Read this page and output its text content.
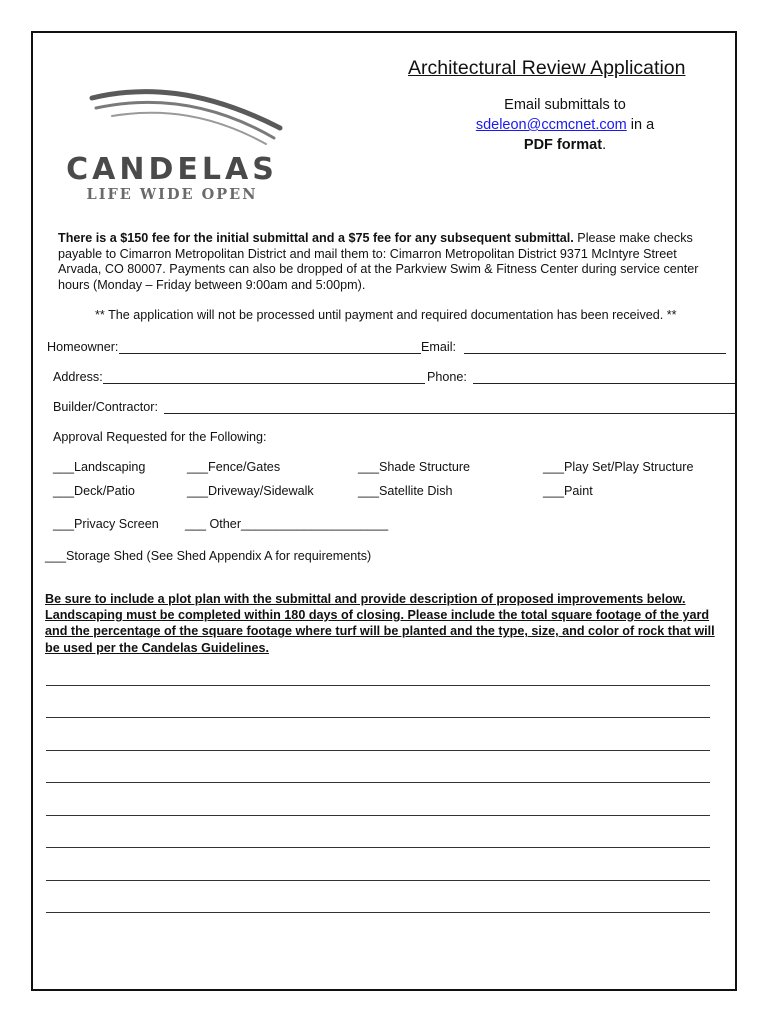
CANDELAS
LIFE WIDE OPEN
Architectural Review Application
Email submittals to
sdeleon@ccmcnet.com in a
PDF format.
There is a $150 fee for the initial submittal and a $75 fee for any subsequent submittal. Please make checks payable to Cimarron Metropolitan District and mail them to: Cimarron Metropolitan District 9371 McIntyre Street Arvada, CO 80007. Payments can also be dropped of at the Parkview Swim & Fitness Center during service center hours (Monday – Friday between 9:00am and 5:00pm).
** The application will not be processed until payment and required documentation has been received. **
Homeowner:	Email:
Address:	Phone:
Builder/Contractor:
Approval Requested for the Following:
___Landscaping	___Fence/Gates	___Shade Structure	___Play Set/Play Structure
___Deck/Patio	___Driveway/Sidewalk	___Satellite Dish	___Paint
___Privacy Screen ___ Other_____________________
___Storage Shed (See Shed Appendix A for requirements)
Be sure to include a plot plan with the submittal and provide description of proposed improvements below. Landscaping must be completed within 180 days of closing. Please include the total square footage of the yard and the percentage of the square footage where turf will be planted and the type, size, and color of rock that will be used per the Candelas Guidelines.
